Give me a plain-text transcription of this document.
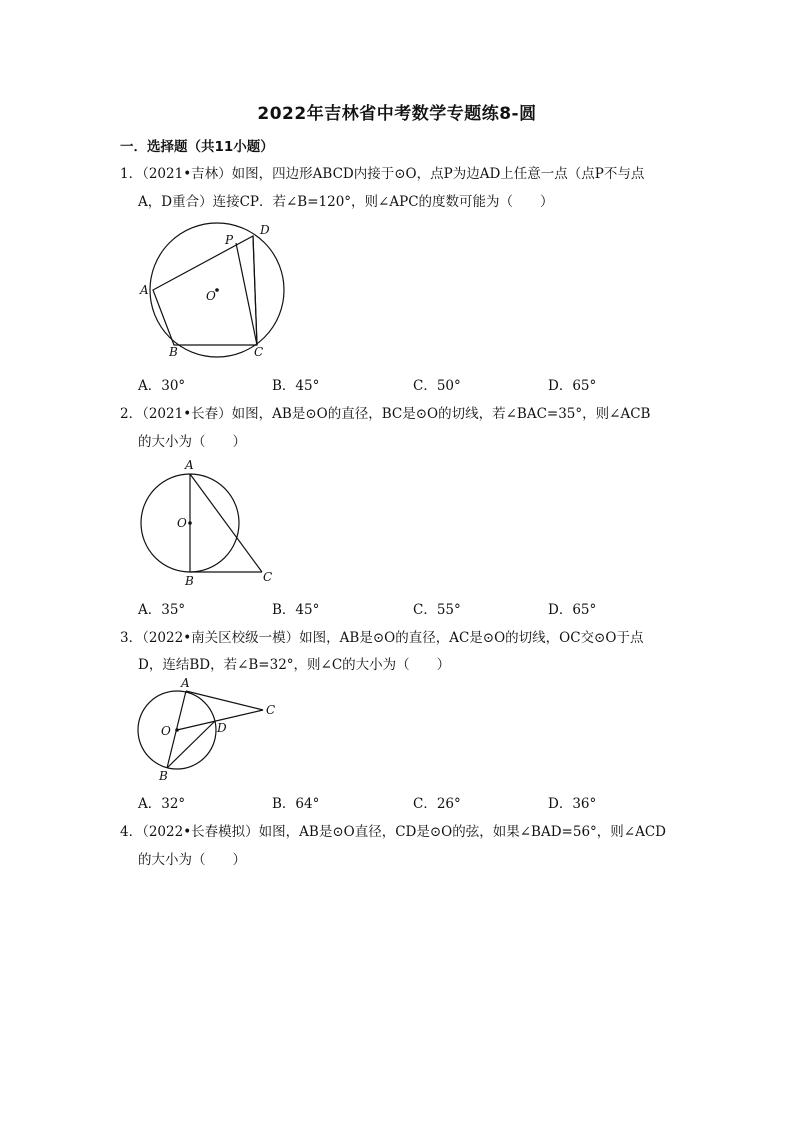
2022年吉林省中考数学专题练8-圆
一．选择题（共11小题）
1．（2021•吉林）如图，四边形ABCD内接于⊙O，点P为边AD上任意一点（点P不与点
A，D重合）连接CP．若∠B=120°，则∠APC的度数可能为（　　）
A
B	C
D
P
O
A．30°	B．45°	C．50°	D．65°
2．（2021•长春）如图，AB是⊙O的直径，BC是⊙O的切线，若∠BAC=35°，则∠ACB
的大小为（　　）
A
B	C
O
A．35°	B．45°	C．55°	D．65°
3．（2022•南关区校级一模）如图，AB是⊙O的直径，AC是⊙O的切线，OC交⊙O于点
D，连结BD，若∠B=32°，则∠C的大小为（　　）
A
B
C
D
O
A．32°	B．64°	C．26°	D．36°
4．（2022•长春模拟）如图，AB是⊙O直径，CD是⊙O的弦，如果∠BAD=56°，则∠ACD
的大小为（　　）
